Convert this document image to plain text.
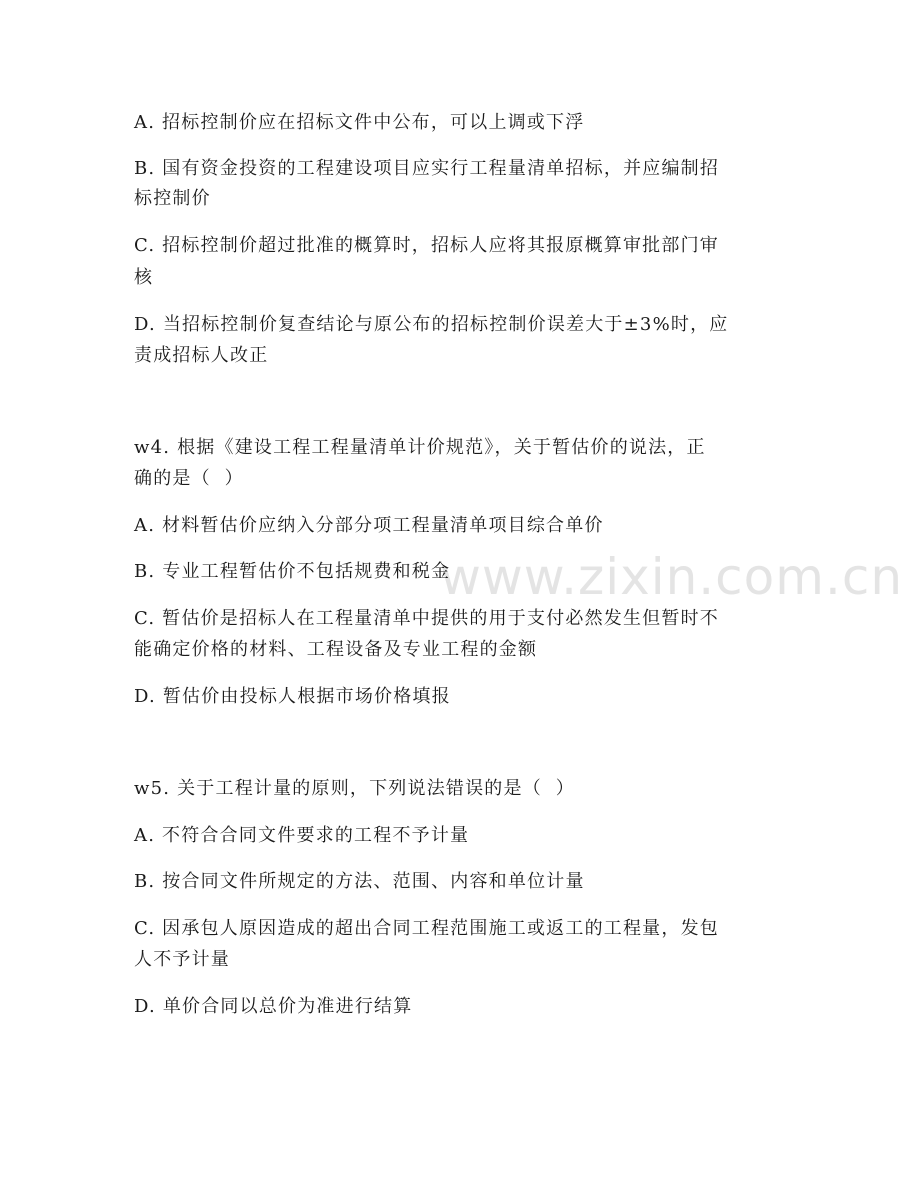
www.zixin.com.cn
A. 招标控制价应在招标文件中公布，可以上调或下浮
B. 国有资金投资的工程建设项目应实行工程量清单招标，并应编制招
标控制价
C. 招标控制价超过批准的概算时，招标人应将其报原概算审批部门审
核
D. 当招标控制价复查结论与原公布的招标控制价误差大于±3%时，应
责成招标人改正
w4. 根据《建设工程工程量清单计价规范》，关于暂估价的说法，正
确的是（  ）
A. 材料暂估价应纳入分部分项工程量清单项目综合单价
B. 专业工程暂估价不包括规费和税金
C. 暂估价是招标人在工程量清单中提供的用于支付必然发生但暂时不
能确定价格的材料、工程设备及专业工程的金额
D. 暂估价由投标人根据市场价格填报
w5. 关于工程计量的原则，下列说法错误的是（  ）
A. 不符合合同文件要求的工程不予计量
B. 按合同文件所规定的方法、范围、内容和单位计量
C. 因承包人原因造成的超出合同工程范围施工或返工的工程量，发包
人不予计量
D. 单价合同以总价为准进行结算
